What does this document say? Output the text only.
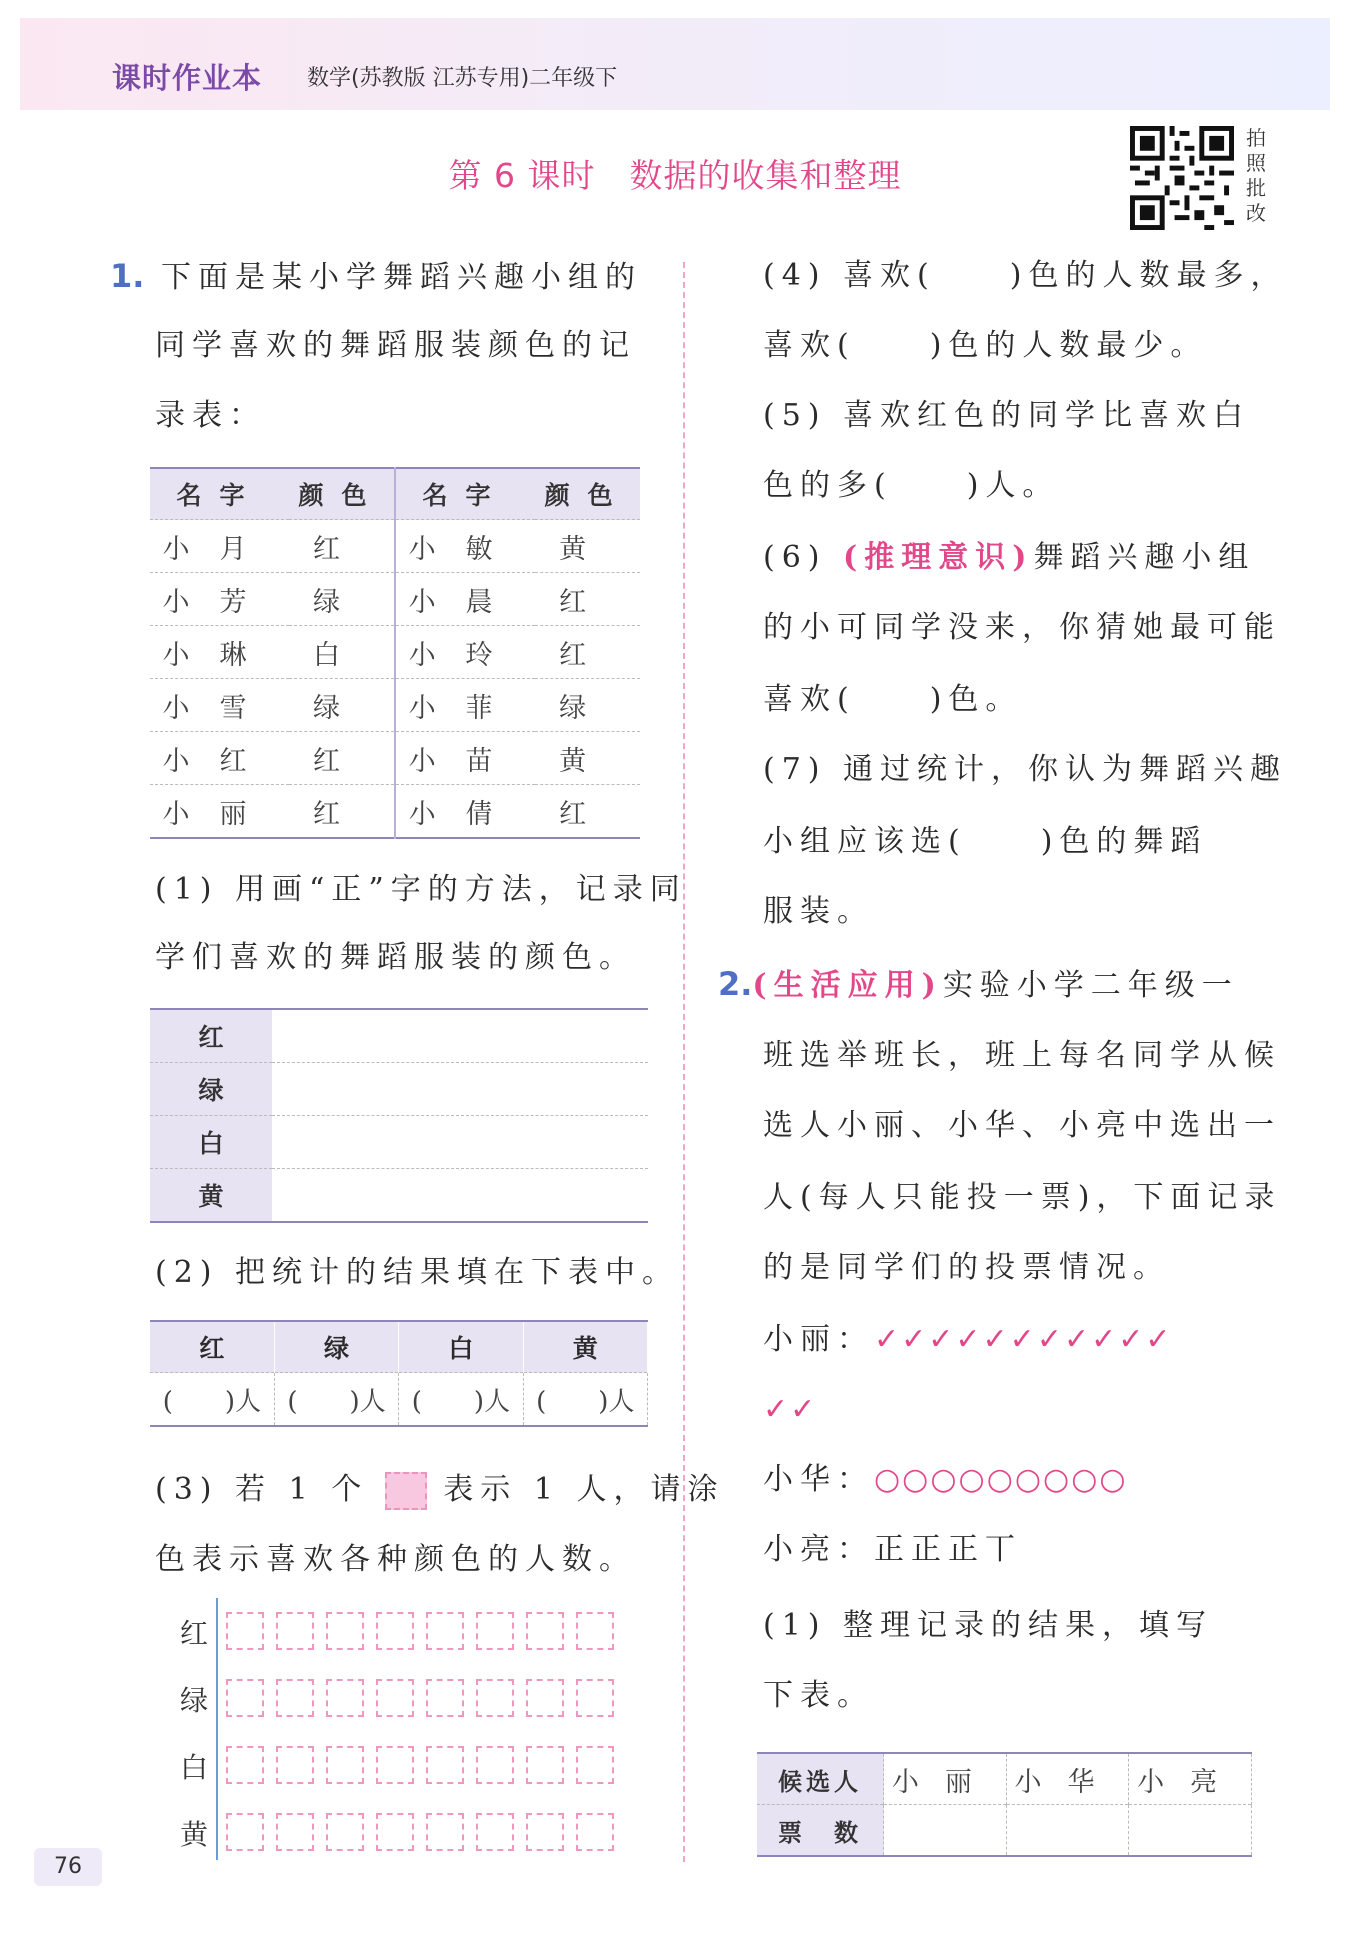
课时作业本 数学(苏教版 江苏专用)二年级下
第 6 课时　数据的收集和整理
拍
照
批
改
1. 下面是某小学舞蹈兴趣小组的
同学喜欢的舞蹈服装颜色的记
录表：
名字	颜色	名字	颜色
小月	红	小敏	黄
小芳	绿	小晨	红
小琳	白	小玲	红
小雪	绿	小菲	绿
小红	红	小苗	黄
小丽	红	小倩	红
(1) 用画“正”字的方法，记录同
学们喜欢的舞蹈服装的颜色。
红	
绿	
白	
黄	
(2) 把统计的结果填在下表中。
红	绿	白	黄
(　　)人	(　　)人	(　　)人	(　　)人
(3) 若 1 个	表示 1 人，请涂
色表示喜欢各种颜色的人数。
红
绿
白
黄
76
(4) 喜欢(　　)色的人数最多，
喜欢(　　)色的人数最少。
(5) 喜欢红色的同学比喜欢白
色的多(　　)人。
(6) (推理意识)舞蹈兴趣小组
的小可同学没来，你猜她最可能
喜欢(　　)色。
(7) 通过统计，你认为舞蹈兴趣
小组应该选(　　)色的舞蹈
服装。
2.(生活应用)实验小学二年级一
班选举班长，班上每名同学从候
选人小丽、小华、小亮中选出一
人(每人只能投一票)，下面记录
的是同学们的投票情况。
小丽：✓✓✓✓✓✓✓✓✓✓✓
✓✓
小华：○○○○○○○○○
小亮：正正正丅
(1) 整理记录的结果，填写
下表。
候选人	小丽	小华	小亮
票　数			
